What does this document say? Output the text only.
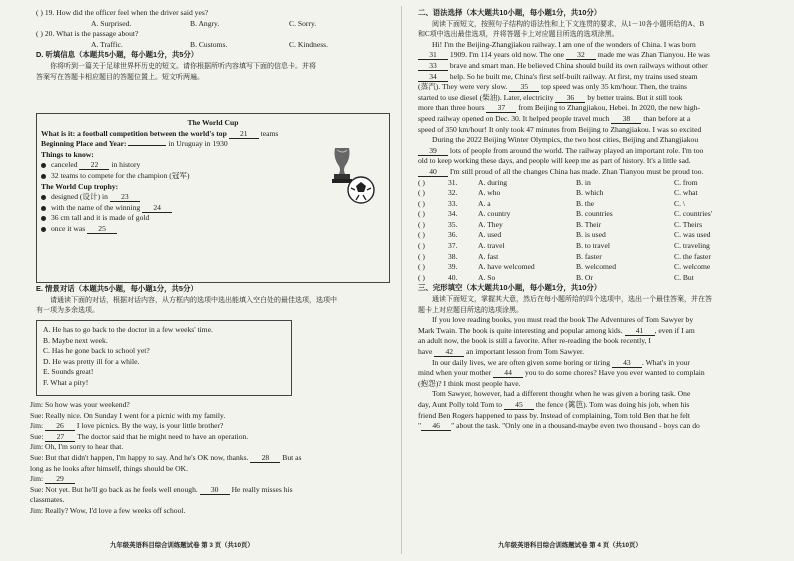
( ) 19. How did the officer feel when the driver said yes?
A. Surprised.	B. Angry.	C. Sorry.
( ) 20. What is the passage about?
A. Traffic.	B. Customs.	C. Kindness.
D. 听填信息（本题共5小题，每小题1分，共5分）
你将听到一篇关于足球世界杯历史的短文。请你根据所听内容填写下面的信息卡。并将
答案写在答题卡相应题目的答题位置上。短文听两遍。
The World Cup
What is it: a football competition between the world's top 21 teams
Beginning Place and Year:	in Uruguay in 1930
Things to know:
canceled 22 in history
32 teams to compete for the champion (冠军)
The World Cup trophy:
designed (设计) in 23
with the name of the winning 24
36 cm tall and it is made of gold
once it was 25
E. 情景对话（本题共5小题，每小题1分，共5分）
请通读下面的对话，根据对话内容，从方框内的选项中选出能填入空白处的最佳选项，选项中
有一项为多余选项。
A. He has to go back to the doctor in a few weeks' time.
B. Maybe next week.
C. Has he gone back to school yet?
D. He was pretty ill for a while.
E. Sounds great!
F. What a pity!
Jim: So how was your weekend?
Sue: Really nice. On Sunday I went for a picnic with my family.
Jim: 26 I love picnics. By the way, is your little brother?
Sue: 27 The doctor said that he might need to have an operation.
Jim: Oh, I'm sorry to hear that.
Sue: But that didn't happen, I'm happy to say. And he's OK now, thanks. 28 But as
long as he looks after himself, things should be OK.
Jim: 29
Sue: Not yet. But he'll go back as he feels well enough. 30 He really misses his
classmates.
Jim: Really? Wow, I'd love a few weeks off school.
九年级英语科目综合训练题试卷 第 3 页（共10页）
二、语法选择（本大题共10小题，每小题1分，共10分）
阅读下面短文，按照句子结构的语法性和上下文连贯的要求，从1－10各小题所给的A、B
和C项中选出最佳选项，并将答题卡上对应题目所选的选项涂黑。
Hi! I'm the Beijing-Zhangjiakou railway. I am one of the wonders of China. I was born
31 1909. I'm 114 years old now. The one 32 made me was Zhan Tianyou. He was
33 brave and smart man. He believed China should build its own railways without other
34 help. So he built me, China's first self-built railway. At first, my trains used steam
(蒸汽). They were very slow. 35 top speed was only 35 km/hour. Then, the trains
started to use diesel (柴油). Later, electricity 36 by better trains. But it still took
more than three hours 37 from Beijing to Zhangjiakou, Hebei. In 2020, the new high-
speed railway opened on Dec. 30. It helped people travel much 38 than before at a
speed of 350 km/hour! It only took 47 minutes from Beijing to Zhangjiakou. I was so excited
During the 2022 Beijing Winter Olympics, the two host cities, Beijing and Zhangjiakou
39 lots of people from around the world. The railway played an important role. I'm too
old to keep working these days, and people will keep me as part of history. It's a little sad.
40 I'm still proud of all the changes China has made. Zhan Tianyou must be proud too.
( )	31.	A. during	B. in	C. from
( )	32.	A. who	B. which	C. what
( )	33.	A. a	B. the	C. \
( )	34.	A. country	B. countries	C. countries'
( )	35.	A. They	B. Their	C. Theirs
( )	36.	A. used	B. is used	C. was used
( )	37.	A. travel	B. to travel	C. traveling
( )	38.	A. fast	B. faster	C. the faster
( )	39.	A. have welcomed	B. welcomed	C. welcome
( )	40.	A. So	B. Or	C. But
三、完形填空（本大题共10小题，每小题1分，共10分）
通读下面短文，掌握其大意，然后在每小题所给的四个选项中，选出一个最佳答案，并在答
题卡上对应题目所选的选项涂黑。
If you love reading books, you must read the book The Adventures of Tom Sawyer by
Mark Twain. The book is quite interesting and popular among kids. 41 , even if I am
an adult now, the book is still a favorite. After re-reading the book recently, I
have 42 an important lesson from Tom Sawyer.
In our daily lives, we are often given some boring or tiring 43 . What's in your
mind when your mother 44 you to do some chores? Have you ever wanted to complain
(抱怨)? I think most people have.
Tom Sawyer, however, had a different thought when he was given a boring task. One
day, Aunt Polly told Tom to 45 the fence (篱笆). Tom was doing his job, when his
friend Ben Rogers happened to pass by. Instead of complaining, Tom told Ben that he felt
" 46 " about the task. "Only one in a thousand-maybe even two thousand - boys can do
九年级英语科目综合训练题试卷 第 4 页（共10页）
